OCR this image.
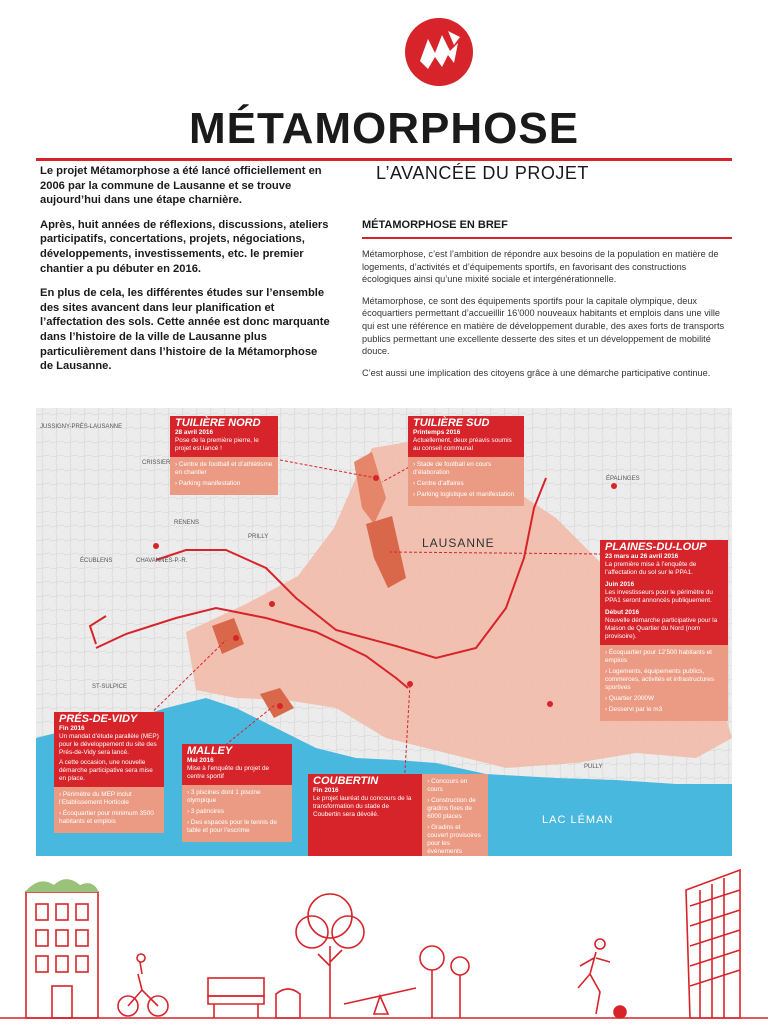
MÉTAMORPHOSE
L’AVANCÉE DU PROJET

Le projet Métamorphose a été lancé officiellement en 2006 par la commune de Lausanne et se trouve aujourd’hui dans une étape charnière.

Après, huit années de réflexions, discussions, ateliers participatifs, concertations, projets, négociations, développements, investissements, etc. le premier chantier a pu débuter en 2016.

En plus de cela, les différentes études sur l’ensemble des sites avancent dans leur planification et l’affectation des sols. Cette année est donc marquante dans l’histoire de la ville de Lausanne plus particulièrement dans l’histoire de la Métamorphose de Lausanne.

MÉTAMORPHOSE EN BREF

Métamorphose, c’est l’ambition de répondre aux besoins de la population en matière de logements, d’activités et d’équipements sportifs, en favorisant des constructions écologiques ainsi qu’une mixité sociale et intergénérationnelle.

Métamorphose, ce sont des équipements sportifs pour la capitale olympique, deux écoquartiers permettant d’accueillir 16’000 nouveaux habitants et emplois dans une ville qui est une référence en matière de développement durable, des axes forts de transports publics permettant une excellente desserte des sites et un développement de mobilité douce.

C’est aussi une implication des citoyens grâce à une démarche participative continue.

JUSSIGNY-PRÈS-LAUSANNE
CRISSIER
RENENS
ÉCUBLENS	CHAVANNES-P.-R.
PRILLY
ÉPALINGES
ST-SULPICE
PULLY
LAUSANNE
LAC LÉMAN
TUILIÈRE NORD
28 avril 2016
Pose de la première pierre, le projet est lancé !
› Centre de football et d’athlétisme en chantier
› Parking manifestation
TUILIÈRE SUD
Printemps 2016
Actuellement, deux préavis soumis au conseil communal
› Stade de football en cours d’élaboration
› Centre d’affaires
› Parking logistique et manifestation
PLAINES-DU-LOUP
23 mars au 26 avril 2016
La première mise à l’enquête de l’affectation du sol sur le PPA1.
Juin 2016
Les investisseurs pour le périmètre du PPA1 seront annoncés publiquement.
Début 2016
Nouvelle démarche participative pour la Maison de Quartier du Nord (nom provisoire).
› Écoquartier pour 12’500 habitants et emplois
› Logements, équipements publics, commerces, activités et infrastructures sportives
› Quartier 2000W
› Desservi par le m3
PRÉS-DE-VIDY
Fin 2016
Un mandat d’étude parallèle (MEP) pour le développement du site des Prés-de-Vidy sera lancé.
A cette occasion, une nouvelle démarche participative sera mise en place.
› Périmètre du MEP inclut l’Etablissement Horticole
› Écoquartier pour minimum 3500 habitants et emplois
MALLEY
Mai 2016
Mise à l’enquête du projet de centre sportif
› 3 piscines dont 1 piscine olympique
› 3 patinoires
› Des espaces pour le tennis de table et pour l’escrime
COUBERTIN
Fin 2016
Le projet lauréat du concours de la transformation du stade de Coubertin sera dévoilé.
› Concours en cours
› Construction de gradins fixes de 6000 places
› Gradins et couvert provisoires pour les événements
